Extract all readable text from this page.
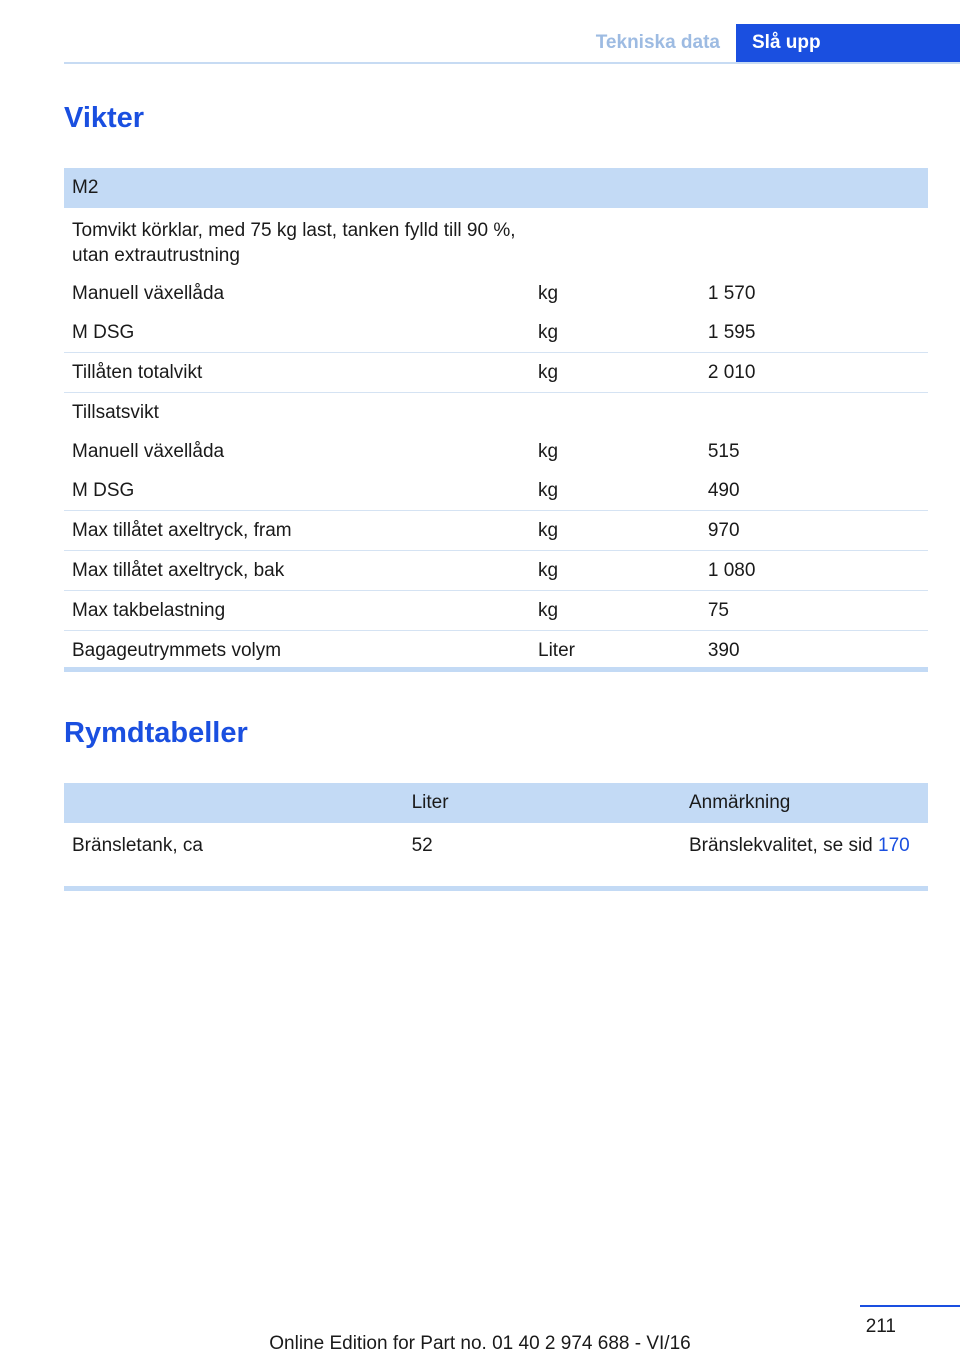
Tekniska data	Slå upp
Vikter
M2		
Tomvikt körklar, med 75 kg last, tanken fylld till 90 %, utan extrautrustning		
Manuell växellåda	kg	1 570
M DSG	kg	1 595
Tillåten totalvikt	kg	2 010
Tillsatsvikt		
Manuell växellåda	kg	515
M DSG	kg	490
Max tillåtet axeltryck, fram	kg	970
Max tillåtet axeltryck, bak	kg	1 080
Max takbelastning	kg	75
Bagageutrymmets volym	Liter	390
Rymdtabeller
	Liter	Anmärkning
Bränsletank, ca	52	Bränslekvalitet, se sid 170
211
Online Edition for Part no. 01 40 2 974 688 - VI/16
